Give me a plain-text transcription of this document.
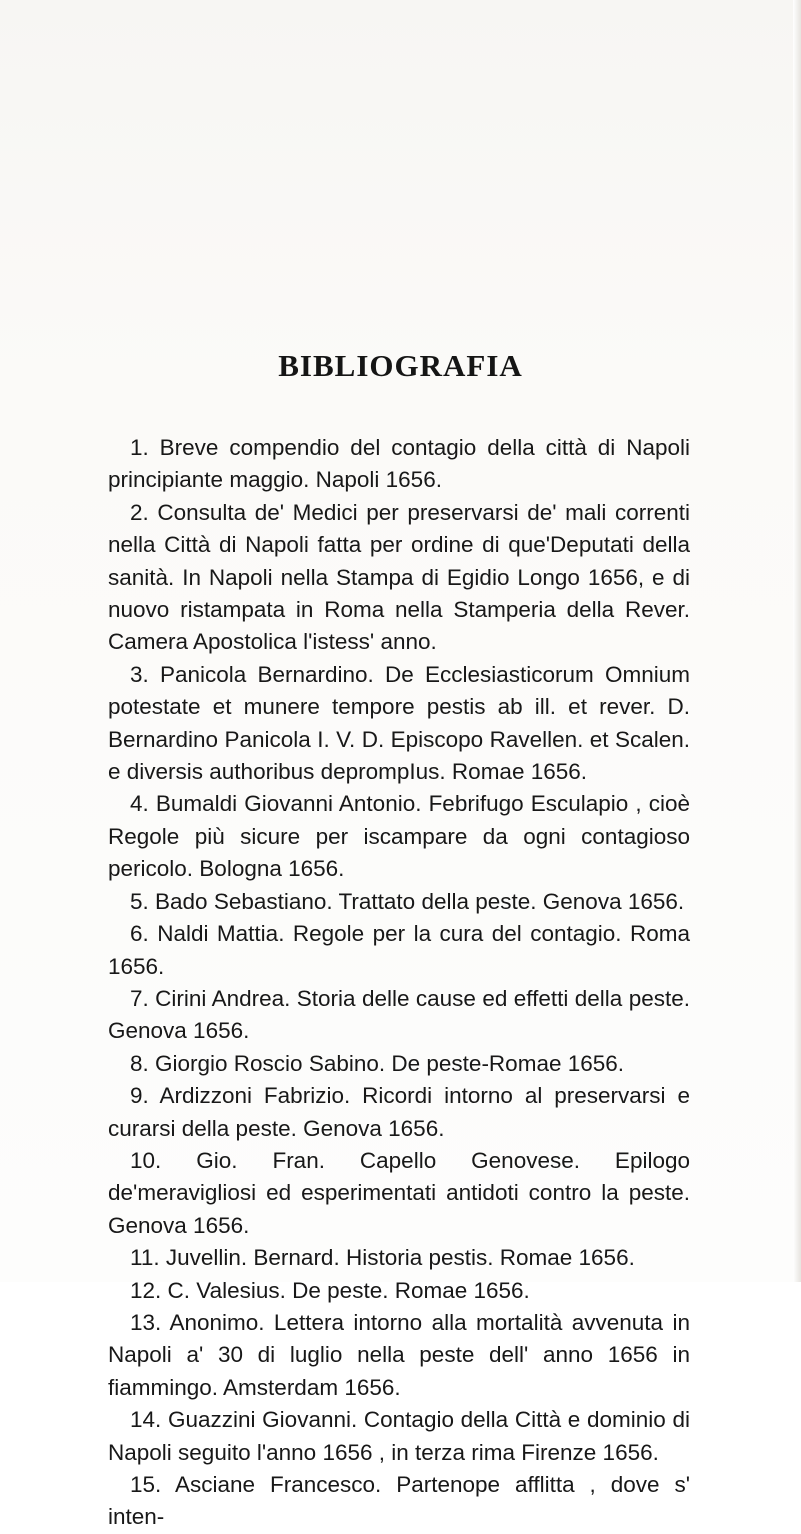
BIBLIOGRAFIA

1. Breve compendio del contagio della città di Napoli principiante maggio. Napoli 1656.

2. Consulta de' Medici per preservarsi de' mali correnti nella Città di Napoli fatta per ordine di que'Deputati della sanità. In Napoli nella Stampa di Egidio Longo 1656, e di nuovo ristampata in Roma nella Stamperia della Rever. Camera Apostolica l'istess' anno.

3. Panicola Bernardino. De Ecclesiasticorum Omnium potestate et munere tempore pestis ab ill. et rever. D. Bernardino Panicola I. V. D. Episcopo Ravellen. et Scalen. e diversis authoribus deprompIus. Romae 1656.

4. Bumaldi Giovanni Antonio. Febrifugo Esculapio , cioè Regole più sicure per iscampare da ogni contagioso pericolo. Bologna 1656.

5. Bado Sebastiano. Trattato della peste. Genova 1656.

6. Naldi Mattia. Regole per la cura del contagio. Roma 1656.

7. Cirini Andrea. Storia delle cause ed effetti della peste. Genova 1656.

8. Giorgio Roscio Sabino. De peste-Romae 1656.

9. Ardizzoni Fabrizio. Ricordi intorno al preservarsi e curarsi della peste. Genova 1656.

10. Gio. Fran. Capello Genovese. Epilogo de'meravigliosi ed esperimentati antidoti contro la peste. Genova 1656.

11. Juvellin. Bernard. Historia pestis. Romae 1656.

12. C. Valesius. De peste. Romae 1656.

13. Anonimo. Lettera intorno alla mortalità avvenuta in Napoli a' 30 di luglio nella peste dell' anno 1656 in fiammingo. Amsterdam 1656.

14. Guazzini Giovanni. Contagio della Città e dominio di Napoli seguito l'anno 1656 , in terza rima Firenze 1656.

15. Asciane Francesco. Partenope afflitta , dove s' inten-
